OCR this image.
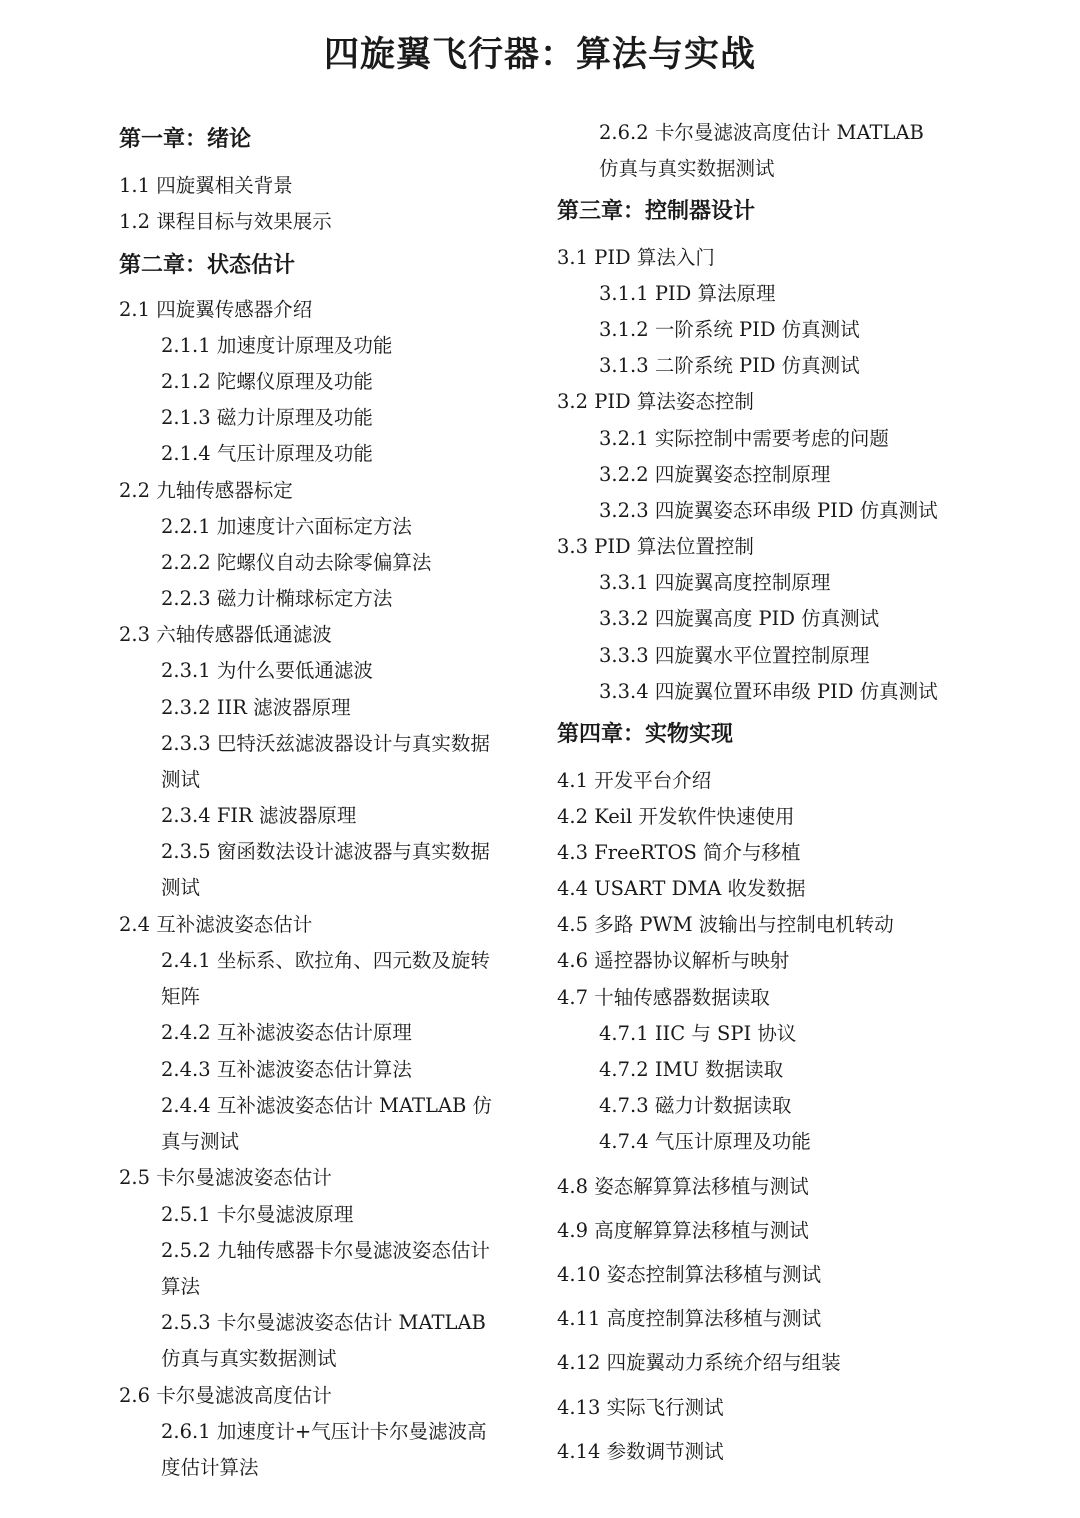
四旋翼飞行器：算法与实战
第一章：绪论
1.1 四旋翼相关背景
1.2 课程目标与效果展示
第二章：状态估计
2.1 四旋翼传感器介绍
2.1.1 加速度计原理及功能
2.1.2 陀螺仪原理及功能
2.1.3 磁力计原理及功能
2.1.4 气压计原理及功能
2.2 九轴传感器标定
2.2.1 加速度计六面标定方法
2.2.2 陀螺仪自动去除零偏算法
2.2.3 磁力计椭球标定方法
2.3 六轴传感器低通滤波
2.3.1 为什么要低通滤波
2.3.2 IIR 滤波器原理
2.3.3 巴特沃兹滤波器设计与真实数据
测试
2.3.4 FIR 滤波器原理
2.3.5 窗函数法设计滤波器与真实数据
测试
2.4 互补滤波姿态估计
2.4.1 坐标系、欧拉角、四元数及旋转
矩阵
2.4.2 互补滤波姿态估计原理
2.4.3 互补滤波姿态估计算法
2.4.4 互补滤波姿态估计 MATLAB 仿
真与测试
2.5 卡尔曼滤波姿态估计
2.5.1 卡尔曼滤波原理
2.5.2 九轴传感器卡尔曼滤波姿态估计
算法
2.5.3 卡尔曼滤波姿态估计 MATLAB
仿真与真实数据测试
2.6 卡尔曼滤波高度估计
2.6.1 加速度计+气压计卡尔曼滤波高
度估计算法
2.6.2 卡尔曼滤波高度估计 MATLAB
仿真与真实数据测试
第三章：控制器设计
3.1 PID 算法入门
3.1.1 PID 算法原理
3.1.2 一阶系统 PID 仿真测试
3.1.3 二阶系统 PID 仿真测试
3.2 PID 算法姿态控制
3.2.1 实际控制中需要考虑的问题
3.2.2 四旋翼姿态控制原理
3.2.3 四旋翼姿态环串级 PID 仿真测试
3.3 PID 算法位置控制
3.3.1 四旋翼高度控制原理
3.3.2 四旋翼高度 PID 仿真测试
3.3.3 四旋翼水平位置控制原理
3.3.4 四旋翼位置环串级 PID 仿真测试
第四章：实物实现
4.1 开发平台介绍
4.2 Keil 开发软件快速使用
4.3 FreeRTOS 简介与移植
4.4 USART DMA 收发数据
4.5 多路 PWM 波输出与控制电机转动
4.6 遥控器协议解析与映射
4.7 十轴传感器数据读取
4.7.1 IIC 与 SPI 协议
4.7.2 IMU 数据读取
4.7.3 磁力计数据读取
4.7.4 气压计原理及功能
4.8 姿态解算算法移植与测试
4.9 高度解算算法移植与测试
4.10 姿态控制算法移植与测试
4.11 高度控制算法移植与测试
4.12 四旋翼动力系统介绍与组装
4.13 实际飞行测试
4.14 参数调节测试
